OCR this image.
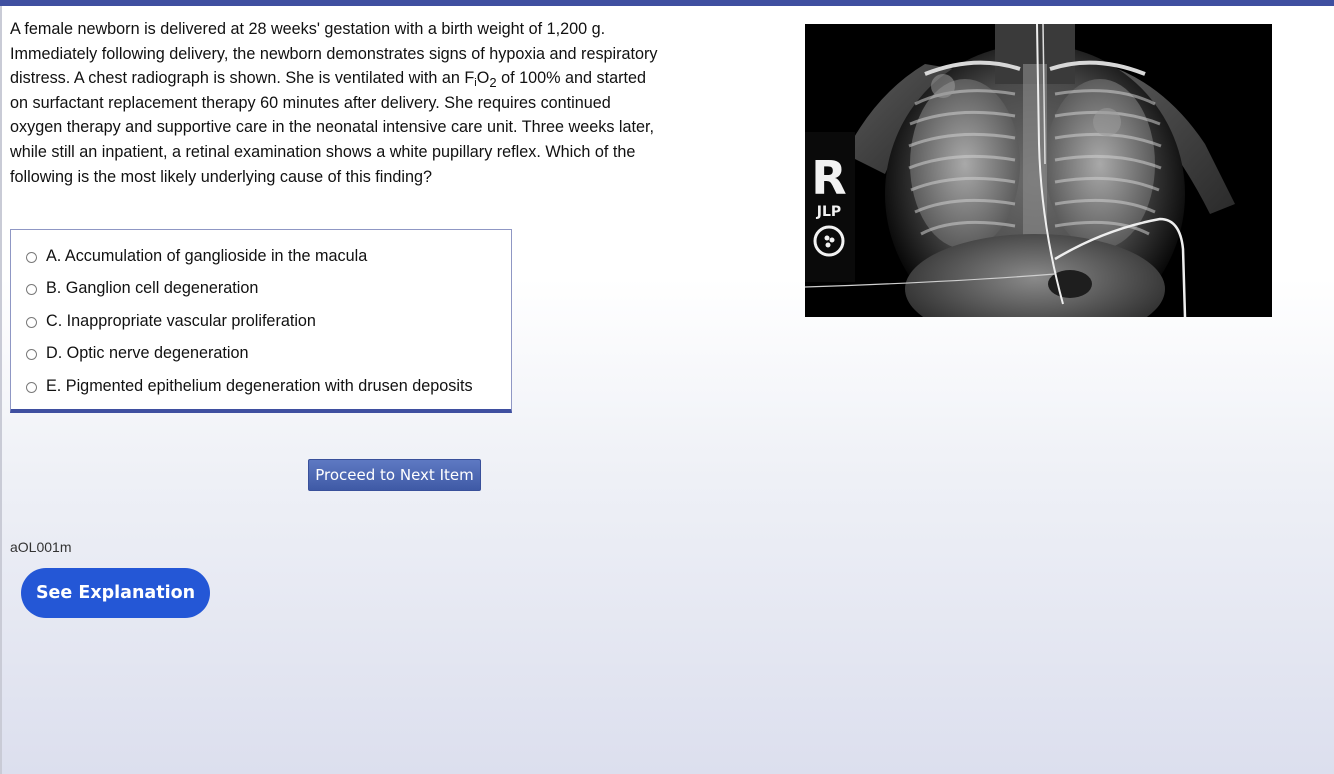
A female newborn is delivered at 28 weeks' gestation with a birth weight of 1,200 g.
Immediately following delivery, the newborn demonstrates signs of hypoxia and respiratory
distress. A chest radiograph is shown. She is ventilated with an $F_iO_2$ of 100% and started
on surfactant replacement therapy 60 minutes after delivery. She requires continued
oxygen therapy and supportive care in the neonatal intensive care unit. Three weeks later,
while still an inpatient, a retinal examination shows a white pupillary reflex. Which of the
following is the most likely underlying cause of this finding?	R
JLP
A. Accumulation of ganglioside in the macula
B. Ganglion cell degeneration
C. Inappropriate vascular proliferation
D. Optic nerve degeneration
E. Pigmented epithelium degeneration with drusen deposits
Proceed to Next Item
aOL001m
See Explanation
